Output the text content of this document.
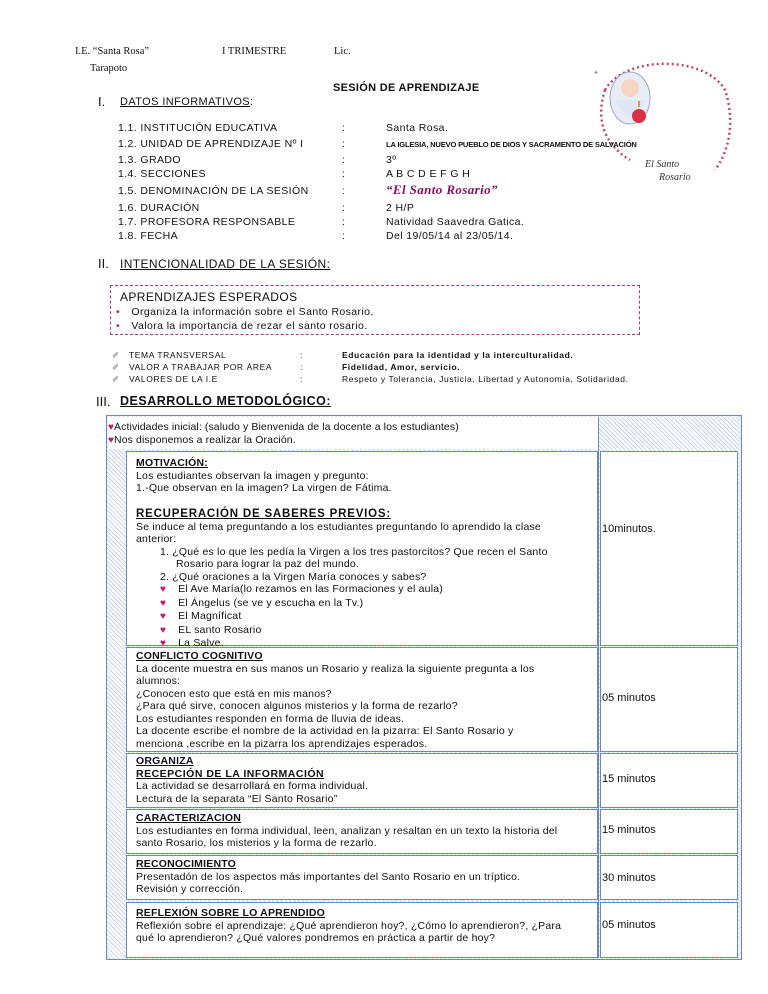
I.E. “Santa Rosa”	I TRIMESTRE	Lic.
Tarapoto
SESIÓN DE APRENDIZAJE
✦
El Santo
Rosario
I. DATOS INFORMATIVOS:
1.1. INSTITUCIÓN EDUCATIVA	:	Santa Rosa.
1.2. UNIDAD DE APRENDIZAJE Nº I	:	LA IGLESIA, NUEVO PUEBLO DE DIOS Y SACRAMENTO DE SALVACIÓN
1.3. GRADO	:	3º
1.4. SECCIONES	:	A B C D E F G H
1.5. DENOMINACIÓN DE LA SESIÓN	:	“El Santo Rosario”
1.6. DURACIÓN	:	2 H/P
1.7. PROFESORA RESPONSABLE	:	Natividad Saavedra Gatica.
1.8. FECHA	:	Del 19/05/14 al 23/05/14.
II. INTENCIONALIDAD DE LA SESIÓN:
APRENDIZAJES ESPERADOS
• Organiza la información sobre el Santo Rosario.
• Valora la importancia de rezar el santo rosario.
✐ TEMA TRANSVERSAL	:	Educación para la identidad y la interculturalidad.
✐ VALOR A TRABAJAR POR ÁREA	:	Fidelidad, Amor, servicio.
✐ VALORES DE LA I.E	:	Respeto y Tolerancia, Justicia, Libertad y Autonomía, Solidaridad.
III. DESARROLLO METODOLÓGICO:
♥Actividades inicial: (saludo y Bienvenida de la docente a los estudiantes)
♥Nos disponemos a realizar la Oración.
MOTIVACIÓN:
Los estudiantes observan la imagen y pregunto:
1.-Que observan en la imagen? La virgen de Fátima.
RECUPERACIÓN DE SABERES PREVIOS:
Se induce al tema preguntando a los estudiantes preguntando lo aprendido la clase
anterior:
1. ¿Qué es lo que les pedía la Virgen a los tres pastorcitos? Que recen el Santo
Rosario para lograr la paz del mundo.
2. ¿Qué oraciones a la Virgen María conoces y sabes?
♥ El Ave María(lo rezamos en las Formaciones y el aula)
♥ El Ángelus (se ve y escucha en la Tv.)
♥ El Magníficat
♥ EL santo Rosario
♥ La Salve.
10minutos.
CONFLICTO COGNITIVO
La docente muestra en sus manos un Rosario y realiza la siguiente pregunta a los
alumnos:
¿Conocen esto que está en mis manos?
¿Para qué sirve, conocen algunos misterios y la forma de rezarlo?
Los estudiantes responden en forma de lluvia de ideas.
La docente escribe el nombre de la actividad en la pizarra: El Santo Rosario y
menciona ,escribe en la pizarra los aprendizajes esperados.
05 minutos
ORGANIZA
RECEPCIÓN DE LA INFORMACIÓN
La actividad se desarrollará en forma individual.
Lectura de la separata “El Santo Rosario”
15 minutos
CARACTERIZACION
Los estudiantes en forma individual, leen, analizan y resaltan en un texto la historia del
santo Rosario, los misterios y la forma de rezarlo.
15 minutos
RECONOCIMIENTO
Presentadón de los aspectos más importantes del Santo Rosario en un tríptico.
Revisión y corrección.
30 minutos
REFLEXIÓN SOBRE LO APRENDIDO
Reflexión sobre el aprendizaje: ¿Qué aprendieron hoy?, ¿Cómo lo aprendieron?, ¿Para
qué lo aprendieron? ¿Qué valores pondremos en práctica a partir de hoy?
05 minutos
